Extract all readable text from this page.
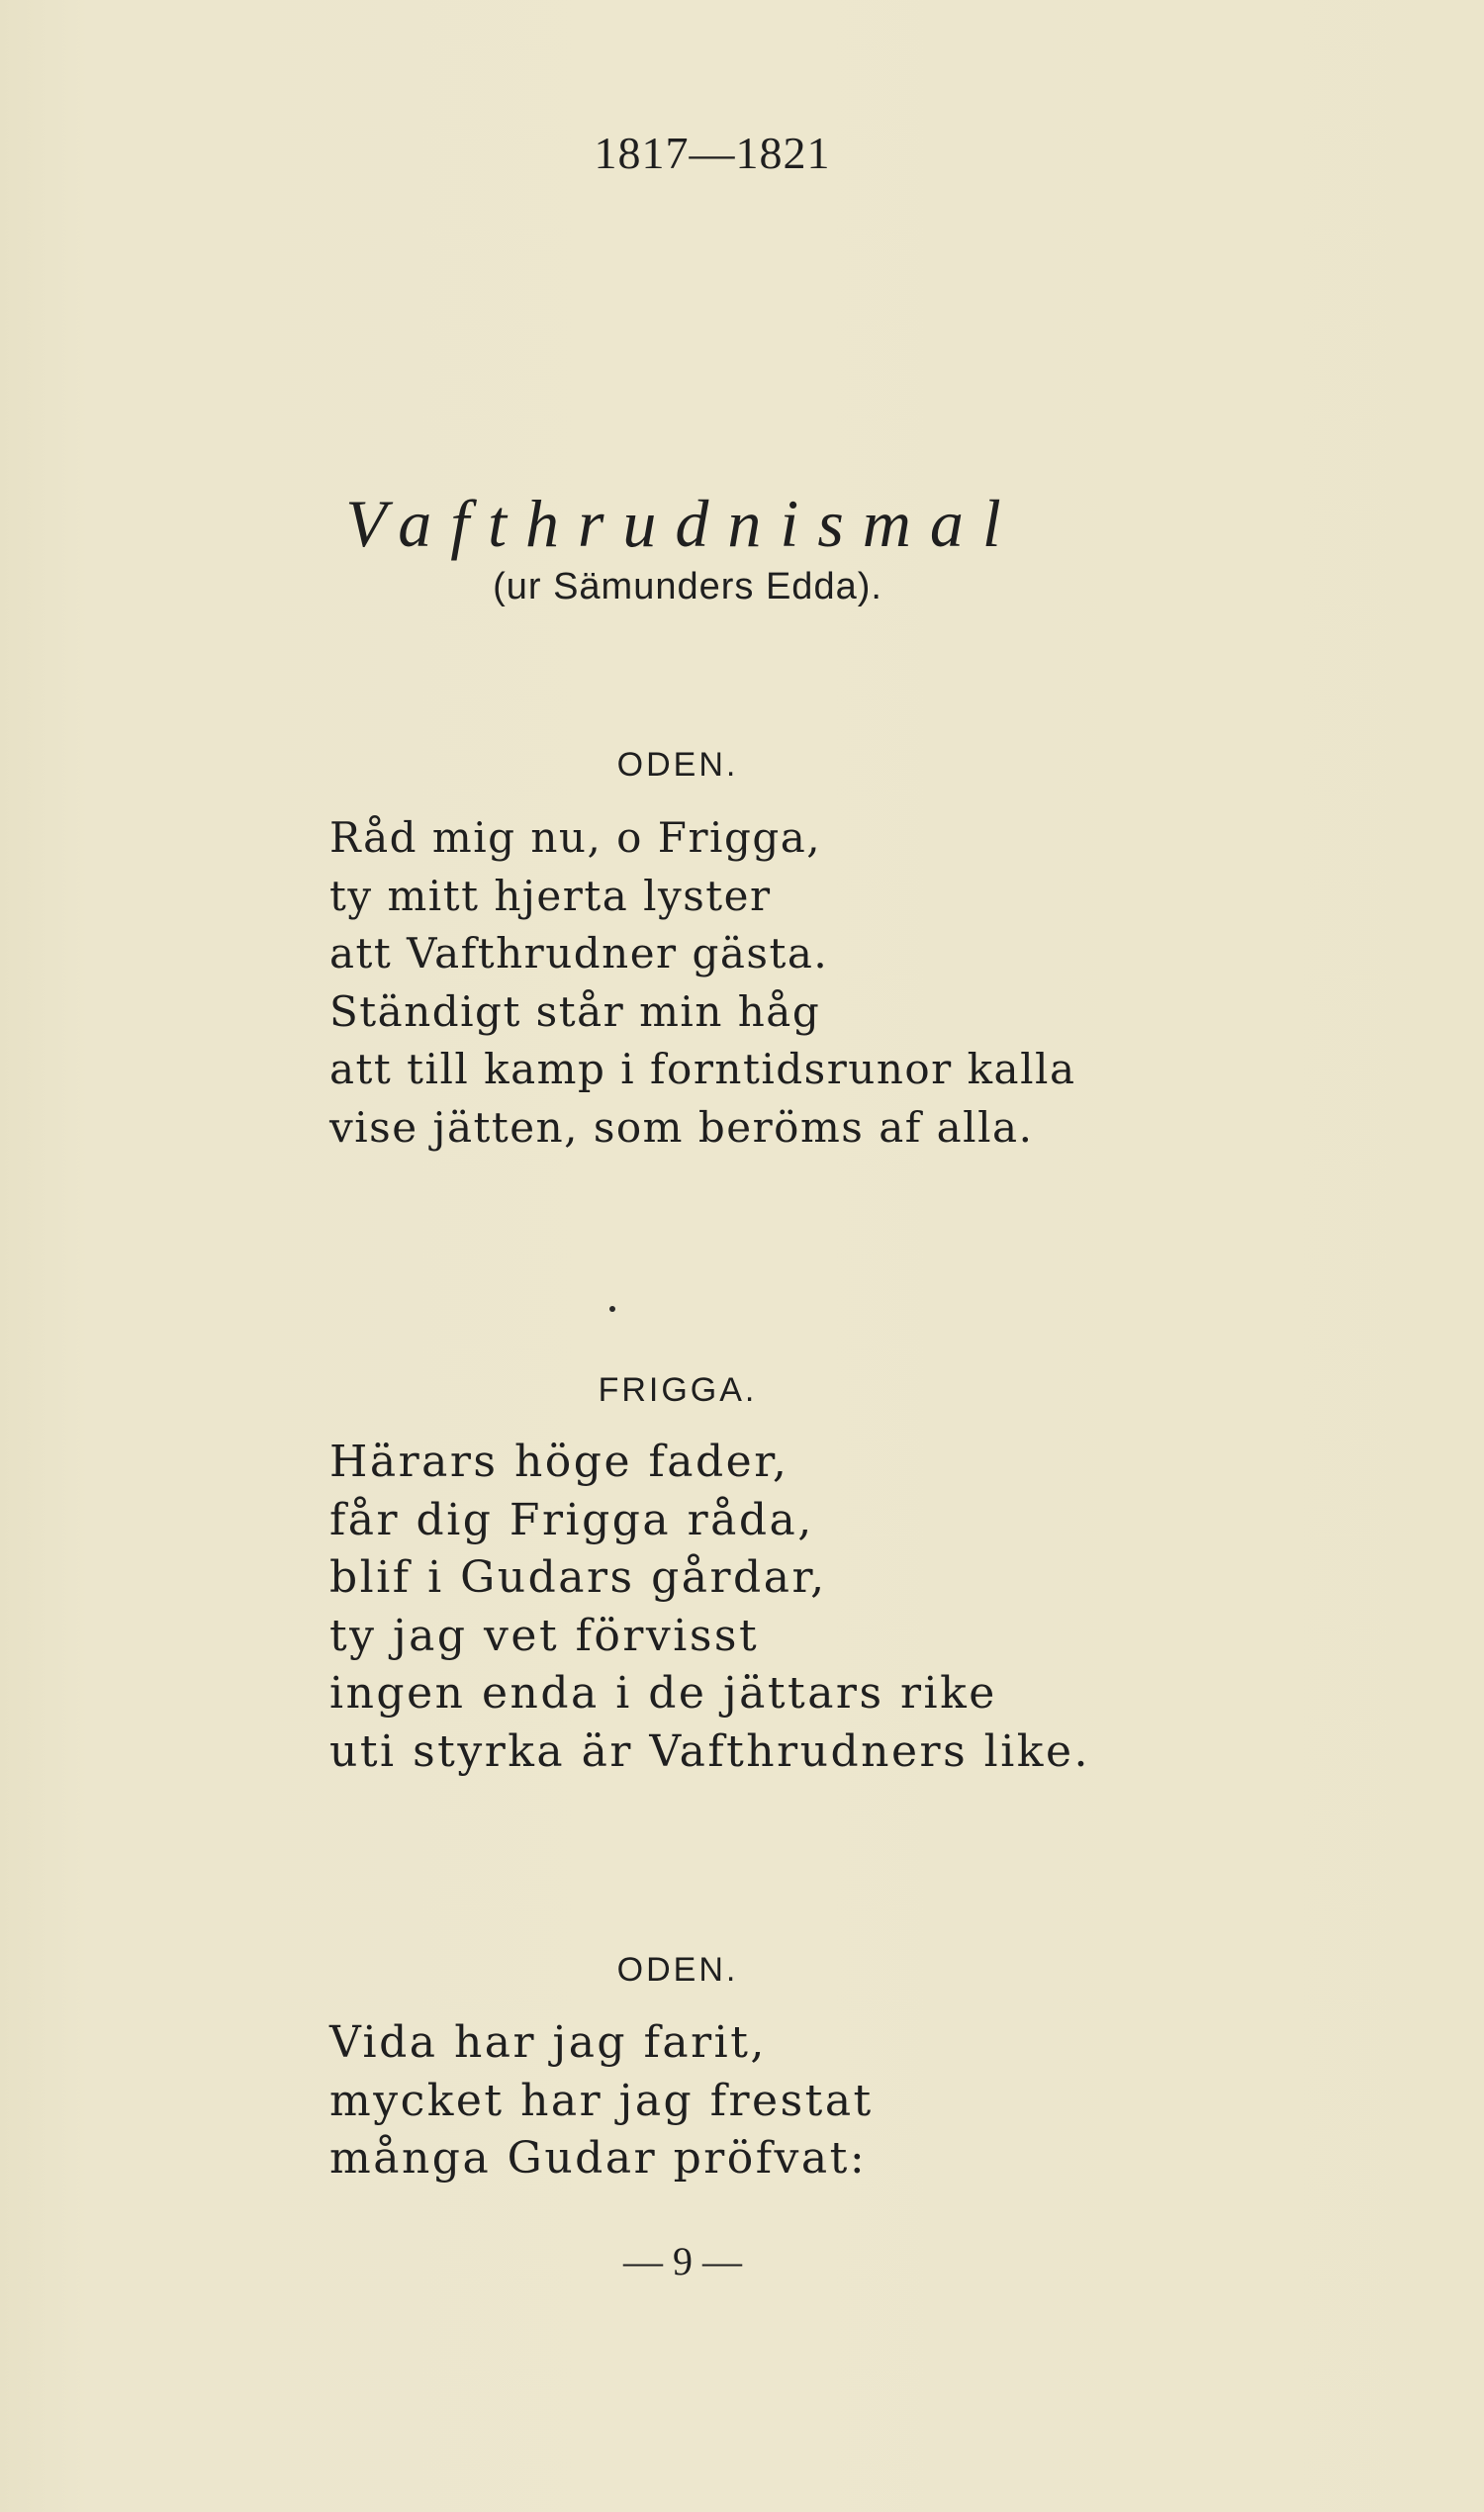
1817—1821
Vafthrudnismal
(ur Sämunders Edda).
ODEN.
Råd mig nu, o Frigga,
ty mitt hjerta lyster
att Vafthrudner gästa.
Ständigt står min håg
att till kamp i forntidsrunor kalla
vise jätten, som beröms af alla.
FRIGGA.
Härars höge fader,
får dig Frigga råda,
blif i Gudars gårdar,
ty jag vet förvisst
ingen enda i de jättars rike
uti styrka är Vafthrudners like.
ODEN.
Vida har jag farit,
mycket har jag frestat
många Gudar pröfvat:
— 9 —
